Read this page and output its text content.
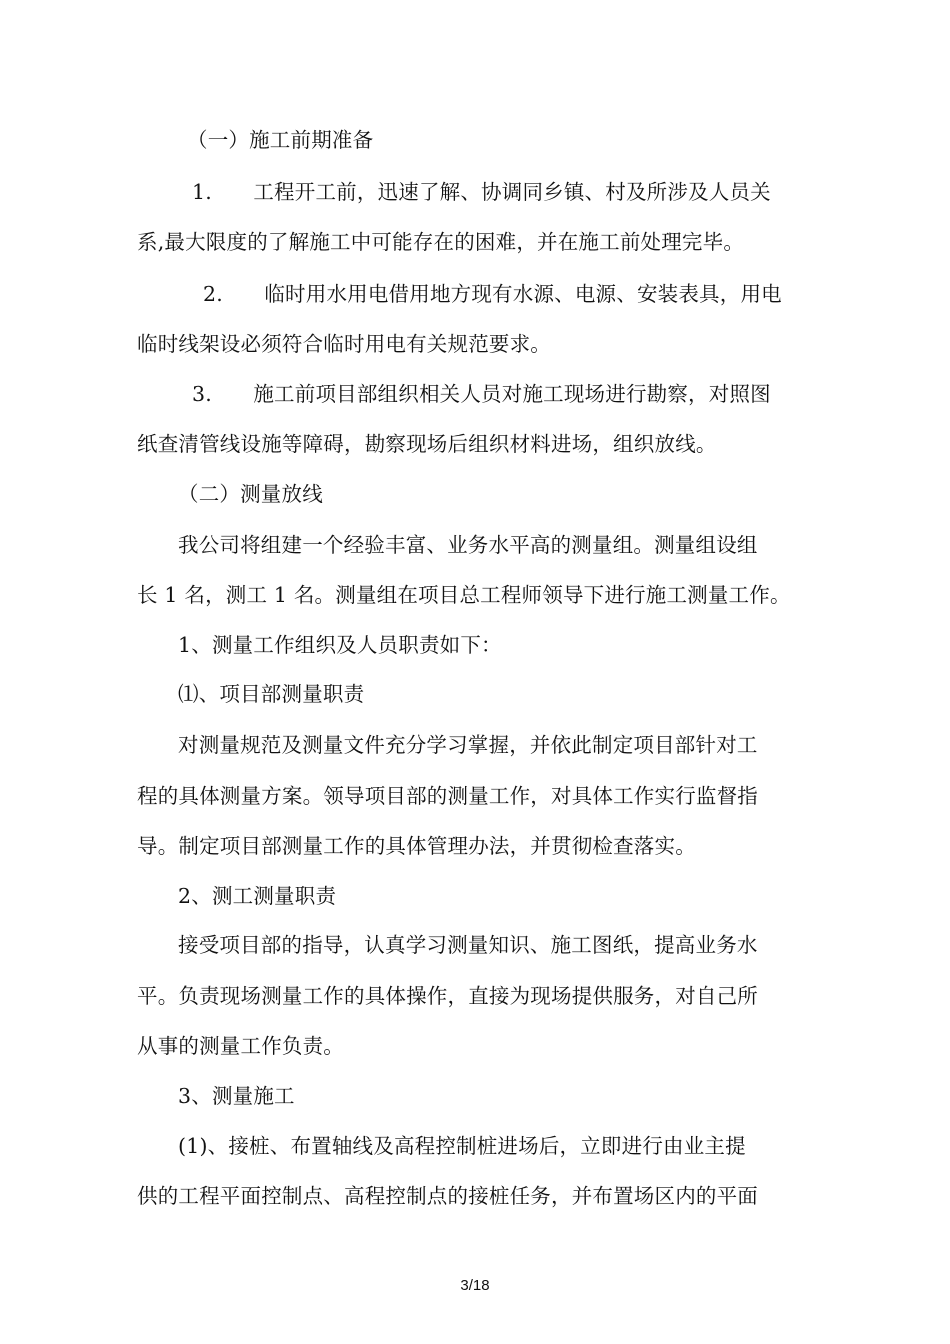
（一）施工前期准备
1.　　工程开工前，迅速了解、协调同乡镇、村及所涉及人员关
系,最大限度的了解施工中可能存在的困难，并在施工前处理完毕。
2.　　临时用水用电借用地方现有水源、电源、安装表具，用电
临时线架设必须符合临时用电有关规范要求。
3.　　施工前项目部组织相关人员对施工现场进行勘察，对照图
纸查清管线设施等障碍，勘察现场后组织材料进场，组织放线。
（二）测量放线
我公司将组建一个经验丰富、业务水平高的测量组。测量组设组
长 1 名，测工 1 名。测量组在项目总工程师领导下进行施工测量工作。
1、测量工作组织及人员职责如下：
⑴、项目部测量职责
对测量规范及测量文件充分学习掌握，并依此制定项目部针对工
程的具体测量方案。领导项目部的测量工作，对具体工作实行监督指
导。制定项目部测量工作的具体管理办法，并贯彻检查落实。
2、测工测量职责
接受项目部的指导，认真学习测量知识、施工图纸，提高业务水
平。负责现场测量工作的具体操作，直接为现场提供服务，对自己所
从事的测量工作负责。
3、测量施工
(1)、接桩、布置轴线及高程控制桩进场后，立即进行由业主提
供的工程平面控制点、高程控制点的接桩任务，并布置场区内的平面
3/18
